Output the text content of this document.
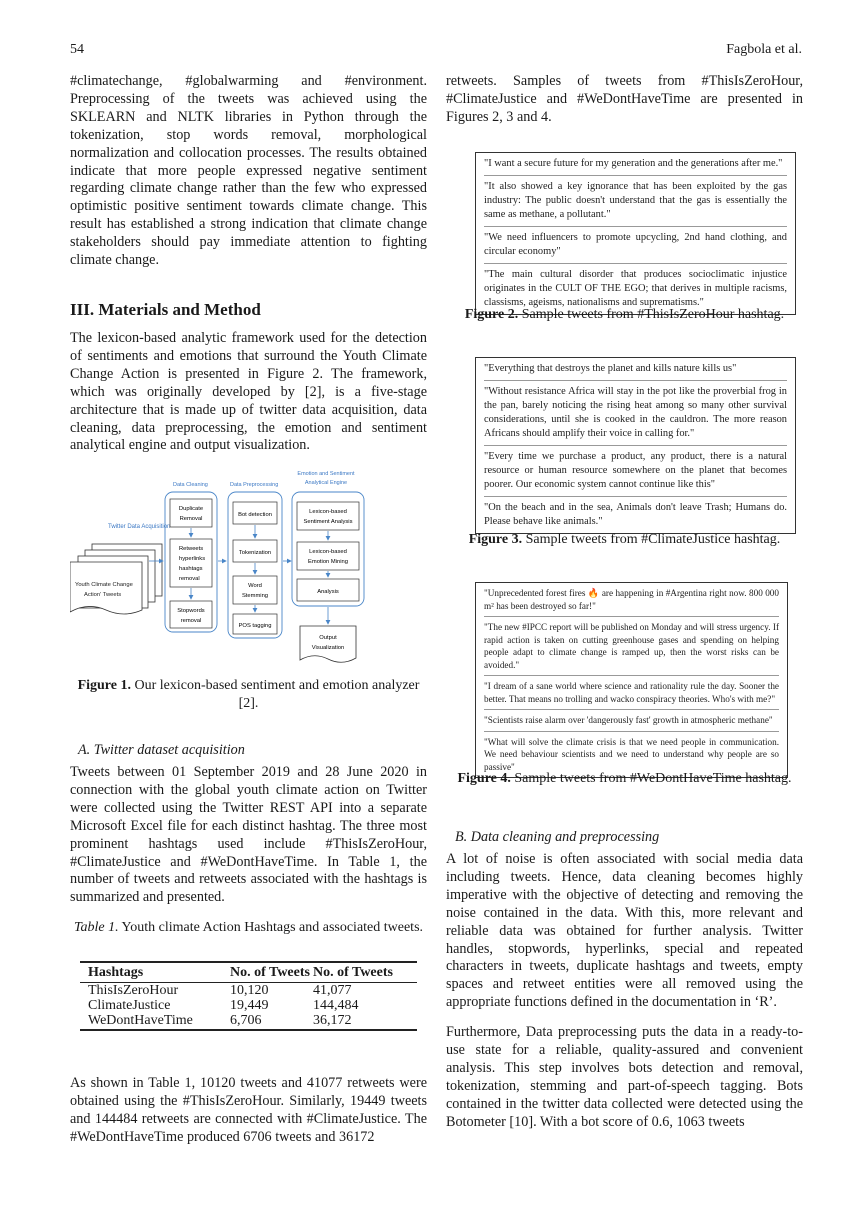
54	Fagbola et al.

#climatechange, #globalwarming and #environment. Preprocessing of the tweets was achieved using the SKLEARN and NLTK libraries in Python through the tokenization, stop words removal, morphological normalization and collocation processes. The results obtained indicate that more people expressed negative sentiment regarding climate change rather than the few who expressed optimistic positive sentiment towards climate change. This result has established a strong indication that climate change stakeholders should pay immediate attention to fighting climate change.

III. Materials and Method

The lexicon-based analytic framework used for the detection of sentiments and emotions that surround the Youth Climate Change Action is presented in Figure 2. The framework, which was originally developed by [2], is a five-stage architecture that is made up of twitter data acquisition, data cleaning, data preprocessing, the emotion and sentiment analytical engine and output visualization.

Twitter Data Acquisition
Youth Climate Change
Action' Tweets
Data Cleaning
Duplicate
Removal
Retweets
hyperlinks
hashtags
removal
Stopwords
removal
Data Preprocessing
Bot detection
Tokenization
Word
Stemming
POS tagging
Emotion and Sentiment
Analytical Engine
Lexicon-based
Sentiment Analysis
Lexicon-based
Emotion Mining
Analysis
Output
Visualization
Figure 1. Our lexicon-based sentiment and emotion analyzer [2].
A. Twitter dataset acquisition

Tweets between 01 September 2019 and 28 June 2020 in connection with the global youth climate action on Twitter were collected using the Twitter REST API into a separate Microsoft Excel file for each distinct hashtag. The three most prominent hashtags used include #ThisIsZeroHour, #ClimateJustice and #WeDontHaveTime. In Table 1, the number of tweets and retweets associated with the hashtags is summarized and presented.

Table 1. Youth climate Action Hashtags and associated tweets.
Hashtags	No. of Tweets	No. of Tweets
ThisIsZeroHour	10,120	41,077
ClimateJustice	19,449	144,484
WeDontHaveTime	6,706	36,172

As shown in Table 1, 10120 tweets and 41077 retweets were obtained using the #ThisIsZeroHour. Similarly, 19449 tweets and 144484 retweets are connected with #ClimateJustice. The #WeDontHaveTime produced 6706 tweets and 36172

retweets. Samples of tweets from #ThisIsZeroHour, #ClimateJustice and #WeDontHaveTime are presented in Figures 2, 3 and 4.

"I want a secure future for my generation and the generations after me."
"It also showed a key ignorance that has been exploited by the gas industry: The public doesn't understand that the gas is essentially the same as methane, a pollutant."
"We need influencers to promote upcycling, 2nd hand clothing, and circular economy"
"The main cultural disorder that produces socioclimatic injustice originates in the CULT OF THE EGO; that derives in multiple racisms, classisms, ageisms, nationalisms and suprematisms."
Figure 2. Sample tweets from #ThisIsZeroHour hashtag.
"Everything that destroys the planet and kills nature kills us"
"Without resistance Africa will stay in the pot like the proverbial frog in the pan, barely noticing the rising heat among so many other survival considerations, until she is cooked in the cauldron. The more reason Africans should amplify their voice in calling for."
"Every time we purchase a product, any product, there is a natural resource or human resource somewhere on the planet that becomes poorer. Our economic system cannot continue like this"
"On the beach and in the sea, Animals don't leave Trash; Humans do. Please behave like animals."
Figure 3. Sample tweets from #ClimateJustice hashtag.
"Unprecedented forest fires 🔥 are happening in #Argentina right now. 800 000 m² has been destroyed so far!"
"The new #IPCC report will be published on Monday and will stress urgency. If rapid action is taken on cutting greenhouse gases and spending on helping people adapt to climate change is ramped up, then the worst risks can be avoided."
"I dream of a sane world where science and rationality rule the day. Sooner the better. That means no trolling and wacko conspiracy theories. Who's with me?"
"Scientists raise alarm over 'dangerously fast' growth in atmospheric methane"
"What will solve the climate crisis is that we need people in communication. We need behaviour scientists and we need to understand why people are so passive"
Figure 4. Sample tweets from #WeDontHaveTime hashtag.
B. Data cleaning and preprocessing

A lot of noise is often associated with social media data including tweets. Hence, data cleaning becomes highly imperative with the objective of detecting and removing the noise contained in the data. With this, more relevant and reliable data was obtained for further analysis. Twitter handles, stopwords, hyperlinks, special and repeated characters in tweets, duplicate hashtags and tweets, empty spaces and retweet entities were all removed using the appropriate functions defined in the documentation in ‘R’.

Furthermore, Data preprocessing puts the data in a ready-to-use state for a reliable, quality-assured and convenient analysis. This step involves bots detection and removal, tokenization, stemming and part-of-speech tagging. Bots contained in the twitter data collected were detected using the Botometer [10]. With a bot score of 0.6, 1063 tweets
